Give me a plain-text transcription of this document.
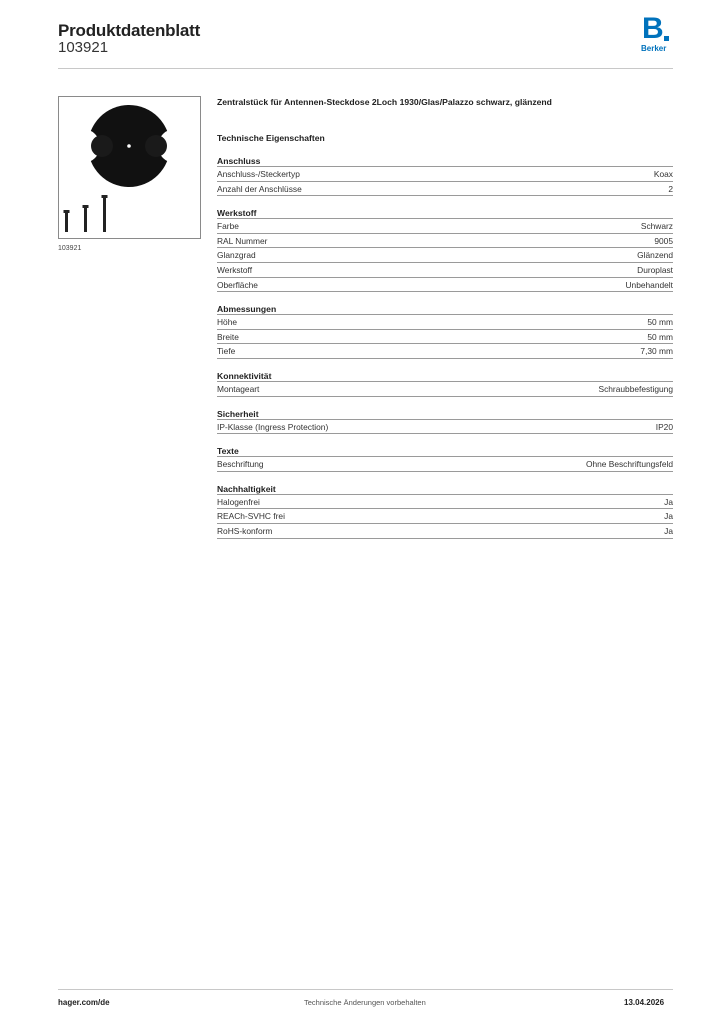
Produktdatenblatt
103921
B
Berker
103921
Zentralstück für Antennen-Steckdose 2Loch 1930/Glas/Palazzo schwarz, glänzend
Technische Eigenschaften
Anschluss
Anschluss-/Steckertyp	Koax
Anzahl der Anschlüsse	2
Werkstoff
Farbe	Schwarz
RAL Nummer	9005
Glanzgrad	Glänzend
Werkstoff	Duroplast
Oberfläche	Unbehandelt
Abmessungen
Höhe	50 mm
Breite	50 mm
Tiefe	7,30 mm
Konnektivität
Montageart	Schraubbefestigung
Sicherheit
IP-Klasse (Ingress Protection)	IP20
Texte
Beschriftung	Ohne Beschriftungsfeld
Nachhaltigkeit
Halogenfrei	Ja
REACh-SVHC frei	Ja
RoHS-konform	Ja
hager.com/de	Technische Änderungen vorbehalten	13.04.2026
